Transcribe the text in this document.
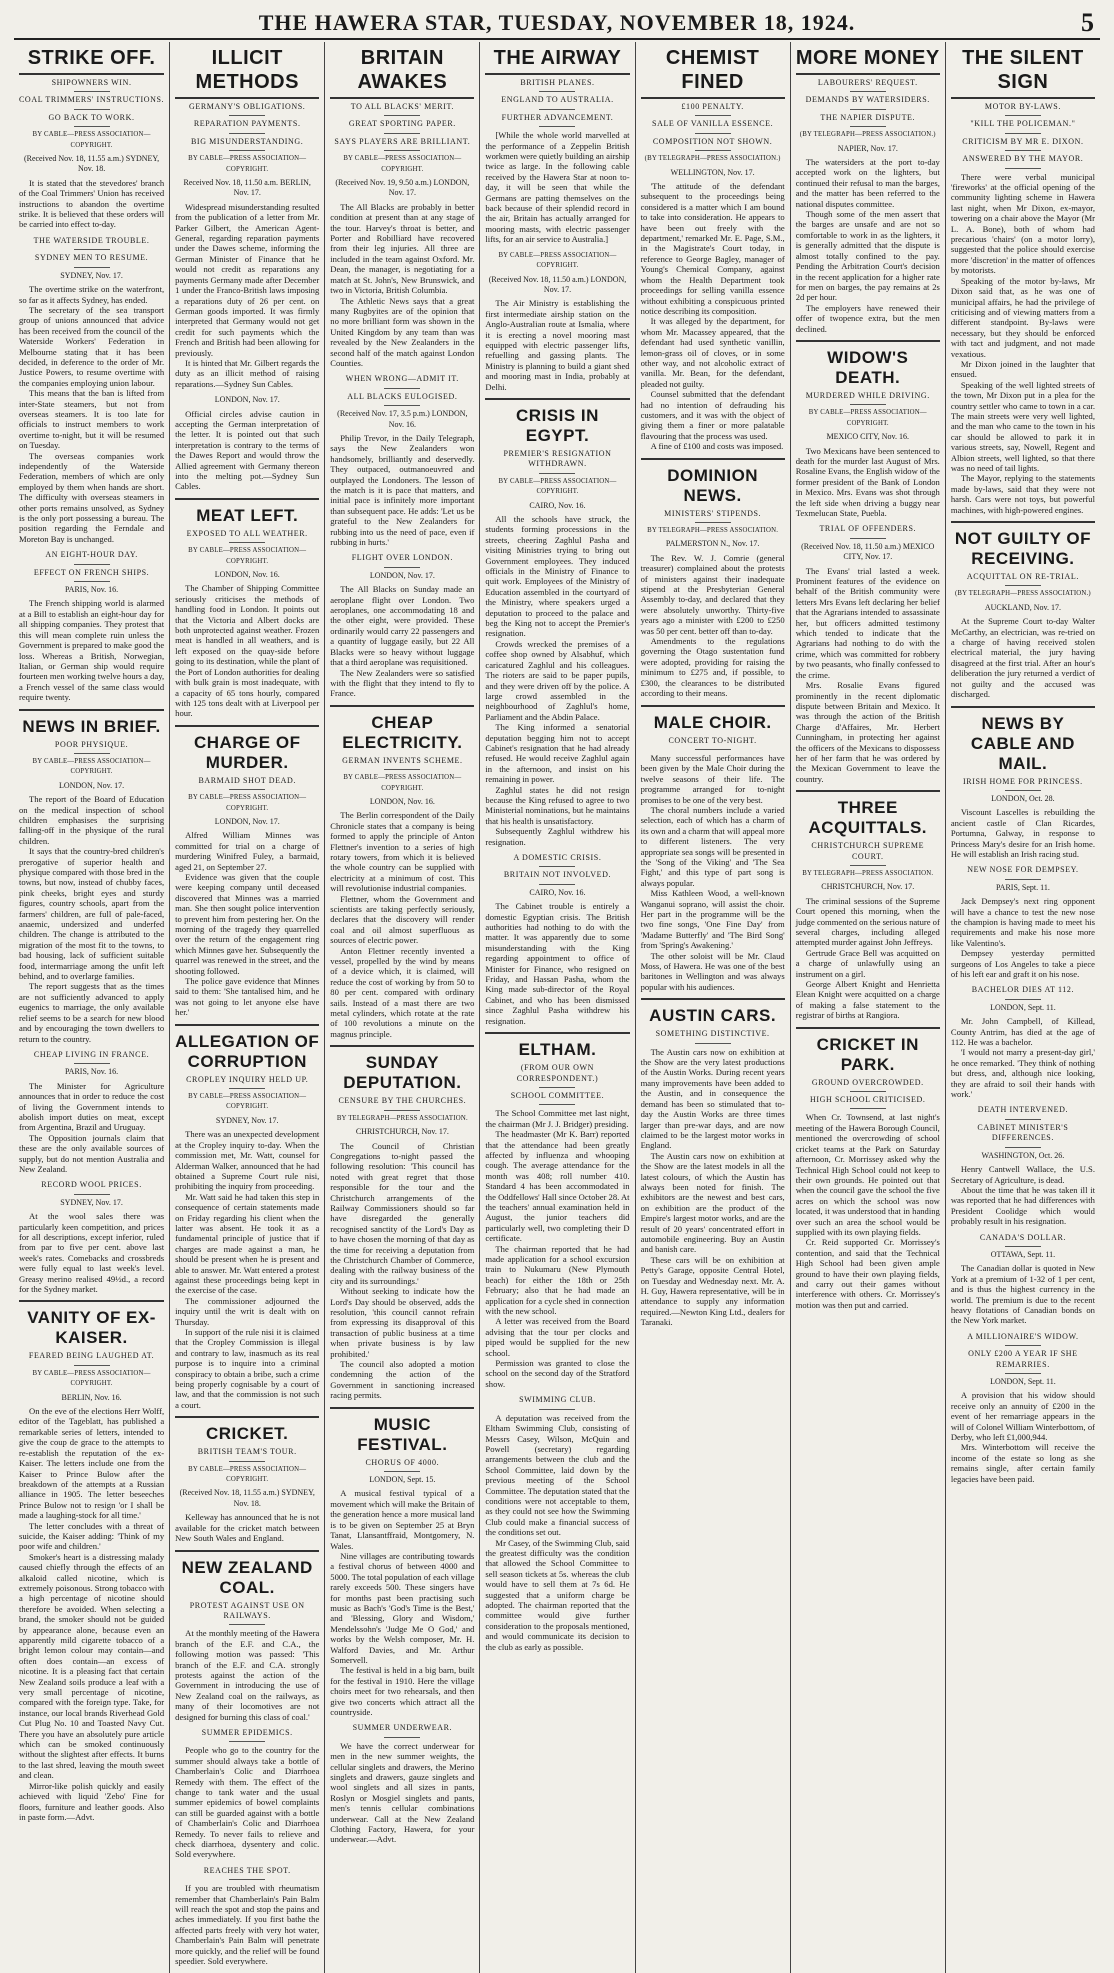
THE HAWERA STAR, TUESDAY, NOVEMBER 18, 1924.	5
STRIKE OFF.
SHIPOWNERS WIN.
COAL TRIMMERS' INSTRUCTIONS.
GO BACK TO WORK.
BY CABLE—PRESS ASSOCIATION—COPYRIGHT.
(Received Nov. 18, 11.55 a.m.) SYDNEY, Nov. 18.

It is stated that the stevedores' branch of the Coal Trimmers' Union has received instructions to abandon the overtime strike. It is believed that these orders will be carried into effect to-day.

THE WATERSIDE TROUBLE.
SYDNEY MEN TO RESUME.
SYDNEY, Nov. 17.

The overtime strike on the waterfront, so far as it affects Sydney, has ended.

The secretary of the sea transport group of unions announced that advice has been received from the council of the Waterside Workers' Federation in Melbourne stating that it has been decided, in deference to the order of Mr. Justice Powers, to resume overtime with the companies employing union labour.

This means that the ban is lifted from inter-State steamers, but not from overseas steamers. It is too late for officials to instruct members to work overtime to-night, but it will be resumed on Tuesday.

The overseas companies work independently of the Waterside Federation, members of which are only employed by them when hands are short. The difficulty with overseas steamers in other ports remains unsolved, as Sydney is the only port possessing a bureau. The position regarding the Ferndale and Moreton Bay is unchanged.

AN EIGHT-HOUR DAY.
EFFECT ON FRENCH SHIPS.
PARIS, Nov. 16.

The French shipping world is alarmed at a Bill to establish an eight-hour day for all shipping companies. They protest that this will mean complete ruin unless the Government is prepared to make good the loss. Whereas a British, Norwegian, Italian, or German ship would require fourteen men working twelve hours a day, a French vessel of the same class would require twenty.

NEWS IN BRIEF.
POOR PHYSIQUE.
BY CABLE—PRESS ASSOCIATION—COPYRIGHT.
LONDON, Nov. 17.

The report of the Board of Education on the medical inspection of school children emphasises the surprising falling-off in the physique of the rural children.

It says that the country-bred children's prerogative of superior health and physique compared with those bred in the towns, but now, instead of chubby faces, pink cheeks, bright eyes and sturdy figures, country schools, apart from the farmers' children, are full of pale-faced, anaemic, undersized and underfed children. The change is attributed to the migration of the most fit to the towns, to bad housing, lack of sufficient suitable food, intermarriage among the unfit left behind, and to overlarge families.

The report suggests that as the times are not sufficiently advanced to apply eugenics to marriage, the only available relief seems to be a search for new blood and by encouraging the town dwellers to return to the country.

CHEAP LIVING IN FRANCE.
PARIS, Nov. 16.

The Minister for Agriculture announces that in order to reduce the cost of living the Government intends to abolish import duties on meat, except from Argentina, Brazil and Uruguay.

The Opposition journals claim that these are the only available sources of supply, but do not mention Australia and New Zealand.

RECORD WOOL PRICES.
SYDNEY, Nov. 17.

At the wool sales there was particularly keen competition, and prices for all descriptions, except inferior, ruled from par to five per cent. above last week's rates. Comebacks and crossbreds were fully equal to last week's level. Greasy merino realised 49½d., a record for the Sydney market.

VANITY OF EX-KAISER.
FEARED BEING LAUGHED AT.
BY CABLE—PRESS ASSOCIATION—COPYRIGHT.
BERLIN, Nov. 16.

On the eve of the elections Herr Wolff, editor of the Tageblatt, has published a remarkable series of letters, intended to give the coup de grace to the attempts to re-establish the reputation of the ex-Kaiser. The letters include one from the Kaiser to Prince Bulow after the breakdown of the attempts at a Russian alliance in 1905. The letter beseeches Prince Bulow not to resign 'or I shall be made a laughing-stock for all time.'

The letter concludes with a threat of suicide, the Kaiser adding: 'Think of my poor wife and children.'

Smoker's heart is a distressing malady caused chiefly through the effects of an alkaloid called nicotine, which is extremely poisonous. Strong tobacco with a high percentage of nicotine should therefore be avoided. When selecting a brand, the smoker should not be guided by appearance alone, because even an apparently mild cigarette tobacco of a bright lemon colour may contain—and often does contain—an excess of nicotine. It is a pleasing fact that certain New Zealand soils produce a leaf with a very small percentage of nicotine, compared with the foreign type. Take, for instance, our local brands Riverhead Gold Cut Plug No. 10 and Toasted Navy Cut. There you have an absolutely pure article which can be smoked continuously without the slightest after effects. It burns to the last shred, leaving the mouth sweet and clean.

Mirror-like polish quickly and easily achieved with liquid 'Zebo' Fine for floors, furniture and leather goods. Also in paste form.—Advt.

ILLICIT METHODS
GERMANY'S OBLIGATIONS.
REPARATION PAYMENTS.
BIG MISUNDERSTANDING.
BY CABLE—PRESS ASSOCIATION—COPYRIGHT.
Received Nov. 18, 11.50 a.m. BERLIN, Nov. 17.

Widespread misunderstanding resulted from the publication of a letter from Mr. Parker Gilbert, the American Agent-General, regarding reparation payments under the Dawes scheme, informing the German Minister of Finance that he would not credit as reparations any payments Germany made after December 1 under the Franco-British laws imposing a reparations duty of 26 per cent. on German goods imported. It was firmly interpreted that Germany would not get credit for such payments which the French and British had been allowing for previously.

It is hinted that Mr. Gilbert regards the duty as an illicit method of raising reparations.—Sydney Sun Cables.

LONDON, Nov. 17.

Official circles advise caution in accepting the German interpretation of the letter. It is pointed out that such interpretation is contrary to the terms of the Dawes Report and would throw the Allied agreement with Germany thereon into the melting pot.—Sydney Sun Cables.

MEAT LEFT.
EXPOSED TO ALL WEATHER.
BY CABLE—PRESS ASSOCIATION—COPYRIGHT.
LONDON, Nov. 16.

The Chamber of Shipping Committee seriously criticises the methods of handling food in London. It points out that the Victoria and Albert docks are both unprotected against weather. Frozen meat is handled in all weathers, and is left exposed on the quay-side before going to its destination, while the plant of the Port of London authorities for dealing with bulk grain is most inadequate, with a capacity of 65 tons hourly, compared with 125 tons dealt with at Liverpool per hour.

CHARGE OF MURDER.
BARMAID SHOT DEAD.
BY CABLE—PRESS ASSOCIATION—COPYRIGHT.
LONDON, Nov. 17.

Alfred William Minnes was committed for trial on a charge of murdering Winifred Fuley, a barmaid, aged 21, on September 27.

Evidence was given that the couple were keeping company until deceased discovered that Minnes was a married man. She then sought police intervention to prevent him from pestering her. On the morning of the tragedy they quarrelled over the return of the engagement ring which Minnes gave her. Subsequently the quarrel was renewed in the street, and the shooting followed.

The police gave evidence that Minnes said to them: 'She tantalised him, and he was not going to let anyone else have her.'

ALLEGATION OF CORRUPTION
CROPLEY INQUIRY HELD UP.
BY CABLE—PRESS ASSOCIATION—COPYRIGHT.
SYDNEY, Nov. 17.

There was an unexpected development at the Cropley inquiry to-day. When the commission met, Mr. Watt, counsel for Alderman Walker, announced that he had obtained a Supreme Court rule nisi, prohibiting the inquiry from proceeding.

Mr. Watt said he had taken this step in consequence of certain statements made on Friday regarding his client when the latter was absent. He took it as a fundamental principle of justice that if charges are made against a man, he should be present when he is present and able to answer. Mr. Watt entered a protest against these proceedings being kept in the exercise of the case.

The commissioner adjourned the inquiry until the writ is dealt with on Thursday.

In support of the rule nisi it is claimed that the Cropley Commission is illegal and contrary to law, inasmuch as its real purpose is to inquire into a criminal conspiracy to obtain a bribe, such a crime being properly cognisable by a court of law, and that the commission is not such a court.

CRICKET.
BRITISH TEAM'S TOUR.
BY CABLE—PRESS ASSOCIATION—COPYRIGHT.
(Received Nov. 18, 11.55 a.m.) SYDNEY, Nov. 18.

Kelleway has announced that he is not available for the cricket match between New South Wales and England.

NEW ZEALAND COAL.
PROTEST AGAINST USE ON RAILWAYS.

At the monthly meeting of the Hawera branch of the E.F. and C.A., the following motion was passed: 'This branch of the E.F. and C.A. strongly protests against the action of the Government in introducing the use of New Zealand coal on the railways, as many of their locomotives are not designed for burning this class of coal.'

SUMMER EPIDEMICS.

People who go to the country for the summer should always take a bottle of Chamberlain's Colic and Diarrhoea Remedy with them. The effect of the change to tank water and the usual summer epidemics of bowel complaints can still be guarded against with a bottle of Chamberlain's Colic and Diarrhoea Remedy. To never fails to relieve and check diarrhoea, dysentery and colic. Sold everywhere.

REACHES THE SPOT.

If you are troubled with rheumatism remember that Chamberlain's Pain Balm will reach the spot and stop the pains and aches immediately. If you first bathe the affected parts freely with very hot water, Chamberlain's Pain Balm will penetrate more quickly, and the relief will be found speedier. Sold everywhere.

BRITAIN AWAKES
TO ALL BLACKS' MERIT.
GREAT SPORTING PAPER.
SAYS PLAYERS ARE BRILLIANT.
BY CABLE—PRESS ASSOCIATION—COPYRIGHT.
(Received Nov. 19, 9.50 a.m.) LONDON, Nov. 17.

The All Blacks are probably in better condition at present than at any stage of the tour. Harvey's throat is better, and Porter and Robilliard have recovered from their leg injuries. All three are included in the team against Oxford. Mr. Dean, the manager, is negotiating for a match at St. John's, New Brunswick, and two in Victoria, British Columbia.

The Athletic News says that a great many Rugbyites are of the opinion that no more brilliant form was shown in the United Kingdom by any team than was revealed by the New Zealanders in the second half of the match against London Counties.

WHEN WRONG—ADMIT IT.
ALL BLACKS EULOGISED.
(Received Nov. 17, 3.5 p.m.) LONDON, Nov. 16.

Philip Trevor, in the Daily Telegraph, says the New Zealanders won handsomely, brilliantly and deservedly. They outpaced, outmanoeuvred and outplayed the Londoners. The lesson of the match is it is pace that matters, and initial pace is infinitely more important than subsequent pace. He adds: 'Let us be grateful to the New Zealanders for rubbing into us the need of pace, even if rubbing in hurts.'

FLIGHT OVER LONDON.
LONDON, Nov. 17.

The All Blacks on Sunday made an aeroplane flight over London. Two aeroplanes, one accommodating 18 and the other eight, were provided. These ordinarily would carry 22 passengers and a quantity of luggage easily, but 22 All Blacks were so heavy without luggage that a third aeroplane was requisitioned.

The New Zealanders were so satisfied with the flight that they intend to fly to France.

CHEAP ELECTRICITY.
GERMAN INVENTS SCHEME.
BY CABLE—PRESS ASSOCIATION—COPYRIGHT.
LONDON, Nov. 16.

The Berlin correspondent of the Daily Chronicle states that a company is being formed to apply the principle of Anton Flettner's invention to a series of high rotary towers, from which it is believed the whole country can be supplied with electricity at a minimum of cost. This will revolutionise industrial companies.

Flettner, whom the Government and scientists are taking perfectly seriously, declares that the discovery will render coal and oil almost superfluous as sources of electric power.

Anton Flettner recently invented a vessel, propelled by the wind by means of a device which, it is claimed, will reduce the cost of working by from 50 to 80 per cent. compared with ordinary sails. Instead of a mast there are two metal cylinders, which rotate at the rate of 100 revolutions a minute on the magnus principle.

SUNDAY DEPUTATION.
CENSURE BY THE CHURCHES.
BY TELEGRAPH—PRESS ASSOCIATION.
CHRISTCHURCH, Nov. 17.

The Council of Christian Congregations to-night passed the following resolution: 'This council has noted with great regret that those responsible for the tour and the Christchurch arrangements of the Railway Commissioners should so far have disregarded the generally recognised sanctity of the Lord's Day as to have chosen the morning of that day as the time for receiving a deputation from the Christchurch Chamber of Commerce, dealing with the railway business of the city and its surroundings.'

Without seeking to indicate how the Lord's Day should be observed, adds the resolution, 'this council cannot refrain from expressing its disapproval of this transaction of public business at a time when private business is by law prohibited.'

The council also adopted a motion condemning the action of the Government in sanctioning increased racing permits.

MUSIC FESTIVAL.
CHORUS OF 4000.
LONDON, Sept. 15.

A musical festival typical of a movement which will make the Britain of the generation hence a more musical land is to be given on September 25 at Bryn Tanat, Llansantffraid, Montgomery, N. Wales.

Nine villages are contributing towards a festival chorus of between 4000 and 5000. The total population of each village rarely exceeds 500. These singers have for months past been practising such music as Bach's 'God's Time is the Best,' and 'Blessing, Glory and Wisdom,' Mendelssohn's 'Judge Me O God,' and works by the Welsh composer, Mr. H. Walford Davies, and Mr. Arthur Somervell.

The festival is held in a big barn, built for the festival in 1910. Here the village choirs meet for two rehearsals, and then give two concerts which attract all the countryside.

SUMMER UNDERWEAR.

We have the correct underwear for men in the new summer weights, the cellular singlets and drawers, the Merino singlets and drawers, gauze singlets and wool singlets and all sizes in pants, Roslyn or Mosgiel singlets and pants, men's tennis cellular combinations underwear. Call at the New Zealand Clothing Factory, Hawera, for your underwear.—Advt.

THE AIRWAY
BRITISH PLANES.
ENGLAND TO AUSTRALIA.
FURTHER ADVANCEMENT.

[While the whole world marvelled at the performance of a Zeppelin British workmen were quietly building an airship twice as large. In the following cable received by the Hawera Star at noon to-day, it will be seen that while the Germans are patting themselves on the back because of their splendid record in the air, Britain has actually arranged for mooring masts, with electric passenger lifts, for an air service to Australia.]

BY CABLE—PRESS ASSOCIATION—COPYRIGHT.
(Received Nov. 18, 11.50 a.m.) LONDON, Nov. 17.

The Air Ministry is establishing the first intermediate airship station on the Anglo-Australian route at Ismalia, where it is erecting a novel mooring mast equipped with electric passenger lifts, refuelling and gassing plants. The Ministry is planning to build a giant shed and mooring mast in India, probably at Delhi.

CRISIS IN EGYPT.
PREMIER'S RESIGNATION WITHDRAWN.
BY CABLE—PRESS ASSOCIATION—COPYRIGHT.
CAIRO, Nov. 16.

All the schools have struck, the students forming processions in the streets, cheering Zaghlul Pasha and visiting Ministries trying to bring out Government employees. They induced officials in the Ministry of Finance to quit work. Employees of the Ministry of Education assembled in the courtyard of the Ministry, where speakers urged a deputation to proceed to the palace and beg the King not to accept the Premier's resignation.

Crowds wrecked the premises of a coffee shop owned by Alsabhuf, which caricatured Zaghlul and his colleagues. The rioters are said to be paper pupils, and they were driven off by the police. A large crowd assembled in the neighbourhood of Zaghlul's home, Parliament and the Abdin Palace.

The King informed a senatorial deputation begging him not to accept Cabinet's resignation that he had already refused. He would receive Zaghlul again in the afternoon, and insist on his remaining in power.

Zaghlul states he did not resign because the King refused to agree to two Ministerial nominations, but he maintains that his health is unsatisfactory.

Subsequently Zaghlul withdrew his resignation.

A DOMESTIC CRISIS.
BRITAIN NOT INVOLVED.
CAIRO, Nov. 16.

The Cabinet trouble is entirely a domestic Egyptian crisis. The British authorities had nothing to do with the matter. It was apparently due to some misunderstanding with the King regarding appointment to office of Minister for Finance, who resigned on Friday, and Hassan Pasha, whom the King made sub-director of the Royal Cabinet, and who has been dismissed since Zaghlul Pasha withdrew his resignation.

ELTHAM.
(FROM OUR OWN CORRESPONDENT.)
SCHOOL COMMITTEE.

The School Committee met last night, the chairman (Mr J. J. Bridger) presiding.

The headmaster (Mr K. Barr) reported that the attendance had been greatly affected by influenza and whooping cough. The average attendance for the month was 408; roll number 410. Standard 4 has been accommodated in the Oddfellows' Hall since October 28. At the teachers' annual examination held in August, the junior teachers did particularly well, two completing their D certificate.

The chairman reported that he had made application for a school excursion train to Nukumaru (New Plymouth beach) for either the 18th or 25th February; also that he had made an application for a cycle shed in connection with the new school.

A letter was received from the Board advising that the tour per clocks and piped would be supplied for the new school.

Permission was granted to close the school on the second day of the Stratford show.

SWIMMING CLUB.

A deputation was received from the Eltham Swimming Club, consisting of Messrs Casey, Wilson, McQuin and Powell (secretary) regarding arrangements between the club and the School Committee, laid down by the previous meeting of the School Committee. The deputation stated that the conditions were not acceptable to them, as they could not see how the Swimming Club could make a financial success of the conditions set out.

Mr Casey, of the Swimming Club, said the greatest difficulty was the condition that allowed the School Committee to sell season tickets at 5s. whereas the club would have to sell them at 7s 6d. He suggested that a uniform charge be adopted. The chairman reported that the committee would give further consideration to the proposals mentioned, and would communicate its decision to the club as early as possible.

CHEMIST FINED
£100 PENALTY.
SALE OF VANILLA ESSENCE.
COMPOSITION NOT SHOWN.
(BY TELEGRAPH—PRESS ASSOCIATION.)
WELLINGTON, Nov. 17.

'The attitude of the defendant subsequent to the proceedings being considered is a matter which I am bound to take into consideration. He appears to have been out freely with the department,' remarked Mr. E. Page, S.M., in the Magistrate's Court today, in reference to George Bagley, manager of Young's Chemical Company, against whom the Health Department took proceedings for selling vanilla essence without exhibiting a conspicuous printed notice describing its composition.

It was alleged by the department, for whom Mr. Macassey appeared, that the defendant had used synthetic vanillin, lemon-grass oil of cloves, or in some other way, and not alcoholic extract of vanilla. Mr. Bean, for the defendant, pleaded not guilty.

Counsel submitted that the defendant had no intention of defrauding his customers, and it was with the object of giving them a finer or more palatable flavouring that the process was used.

A fine of £100 and costs was imposed.

DOMINION NEWS.
MINISTERS' STIPENDS.
BY TELEGRAPH—PRESS ASSOCIATION.
PALMERSTON N., Nov. 17.

The Rev. W. J. Comrie (general treasurer) complained about the protests of ministers against their inadequate stipend at the Presbyterian General Assembly to-day, and declared that they were absolutely unworthy. Thirty-five years ago a minister with £200 to £250 was 50 per cent. better off than to-day.

Amendments to the regulations governing the Otago sustentation fund were adopted, providing for raising the minimum to £275 and, if possible, to £300, the clearances to be distributed according to their means.

MALE CHOIR.
CONCERT TO-NIGHT.

Many successful performances have been given by the Male Choir during the twelve seasons of their life. The programme arranged for to-night promises to be one of the very best.

The choral numbers include a varied selection, each of which has a charm of its own and a charm that will appeal more to different listeners. The very appropriate sea songs will be presented in the 'Song of the Viking' and 'The Sea Fight,' and this type of part song is always popular.

Miss Kathleen Wood, a well-known Wanganui soprano, will assist the choir. Her part in the programme will be the two fine songs, 'One Fine Day' from 'Madame Butterfly' and 'The Bird Song' from 'Spring's Awakening.'

The other soloist will be Mr. Claud Moss, of Hawera. He was one of the best baritones in Wellington and was always popular with his audiences.

AUSTIN CARS.
SOMETHING DISTINCTIVE.

The Austin cars now on exhibition at the Show are the very latest productions of the Austin Works. During recent years many improvements have been added to the Austin, and in consequence the demand has been so stimulated that to-day the Austin Works are three times larger than pre-war days, and are now claimed to be the largest motor works in England.

The Austin cars now on exhibition at the Show are the latest models in all the latest colours, of which the Austin has always been noted for finish. The exhibitors are the newest and best cars, on exhibition are the product of the Empire's largest motor works, and are the result of 20 years' concentrated effort in automobile engineering. Buy an Austin and banish care.

These cars will be on exhibition at Petty's Garage, opposite Central Hotel, on Tuesday and Wednesday next. Mr. A. H. Guy, Hawera representative, will be in attendance to supply any information required.—Newton King Ltd., dealers for Taranaki.

MORE MONEY
LABOURERS' REQUEST.
DEMANDS BY WATERSIDERS.
THE NAPIER DISPUTE.
(BY TELEGRAPH—PRESS ASSOCIATION.)
NAPIER, Nov. 17.

The watersiders at the port to-day accepted work on the lighters, but continued their refusal to man the barges, and the matter has been referred to the national disputes committee.

Though some of the men assert that the barges are unsafe and are not so comfortable to work in as the lighters, it is generally admitted that the dispute is almost totally confined to the pay. Pending the Arbitration Court's decision in the recent application for a higher rate for men on barges, the pay remains at 2s 2d per hour.

The employers have renewed their offer of twopence extra, but the men declined.

WIDOW'S DEATH.
MURDERED WHILE DRIVING.
BY CABLE—PRESS ASSOCIATION—COPYRIGHT.
MEXICO CITY, Nov. 16.

Two Mexicans have been sentenced to death for the murder last August of Mrs. Rosaline Evans, the English widow of the former president of the Bank of London in Mexico. Mrs. Evans was shot through the left side when driving a buggy near Texmelucan State, Puebla.

TRIAL OF OFFENDERS.
(Received Nov. 18, 11.50 a.m.) MEXICO CITY, Nov. 17.

The Evans' trial lasted a week. Prominent features of the evidence on behalf of the British community were letters Mrs Evans left declaring her belief that the Agrarians intended to assassinate her, but officers admitted testimony which tended to indicate that the Agrarians had nothing to do with the crime, which was committed for robbery by two peasants, who finally confessed to the crime.

Mrs. Rosalie Evans figured prominently in the recent diplomatic dispute between Britain and Mexico. It was through the action of the British Charge d'Affaires, Mr. Herbert Cunningham, in protecting her against the officers of the Mexicans to dispossess her of her farm that he was ordered by the Mexican Government to leave the country.

THREE ACQUITTALS.
CHRISTCHURCH SUPREME COURT.
BY TELEGRAPH—PRESS ASSOCIATION.
CHRISTCHURCH, Nov. 17.

The criminal sessions of the Supreme Court opened this morning, when the judge commented on the serious nature of several charges, including alleged attempted murder against John Jeffreys.

Gertrude Grace Bell was acquitted on a charge of unlawfully using an instrument on a girl.

George Albert Knight and Henrietta Elean Knight were acquitted on a charge of making a false statement to the registrar of births at Rangiora.

CRICKET IN PARK.
GROUND OVERCROWDED.
HIGH SCHOOL CRITICISED.

When Cr. Townsend, at last night's meeting of the Hawera Borough Council, mentioned the overcrowding of school cricket teams at the Park on Saturday afternoon, Cr. Morrissey asked why the Technical High School could not keep to their own grounds. He pointed out that when the council gave the school the five acres on which the school was now located, it was understood that in handing over such an area the school would be supplied with its own playing fields.

Cr. Reid supported Cr. Morrissey's contention, and said that the Technical High School had been given ample ground to have their own playing fields, and carry out their games without interference with others. Cr. Morrissey's motion was then put and carried.

THE SILENT SIGN
MOTOR BY-LAWS.
"KILL THE POLICEMAN."
CRITICISM BY MR E. DIXON.
ANSWERED BY THE MAYOR.

There were verbal municipal 'fireworks' at the official opening of the community lighting scheme in Hawera last night, when Mr Dixon, ex-mayor, towering on a chair above the Mayor (Mr L. A. Bone), both of whom had precarious 'chairs' (on a motor lorry), suggested that the police should exercise more 'discretion' in the matter of offences by motorists.

Speaking of the motor by-laws, Mr Dixon said that, as he was one of municipal affairs, he had the privilege of criticising and of viewing matters from a different standpoint. By-laws were necessary, but they should be enforced with tact and judgment, and not made vexatious.

Mr Dixon joined in the laughter that ensued.

Speaking of the well lighted streets of the town, Mr Dixon put in a plea for the country settler who came to town in a car. The main streets were very well lighted, and the man who came to the town in his car should be allowed to park it in various streets, say, Nowell, Regent and Albion streets, well lighted, so that there was no need of tail lights.

The Mayor, replying to the statements made by-laws, said that they were not harsh. Cars were not toys, but powerful machines, with high-powered engines.

NOT GUILTY OF RECEIVING.
ACQUITTAL ON RE-TRIAL.
(BY TELEGRAPH—PRESS ASSOCIATION.)
AUCKLAND, Nov. 17.

At the Supreme Court to-day Walter McCarthy, an electrician, was re-tried on a charge of having received stolen electrical material, the jury having disagreed at the first trial. After an hour's deliberation the jury returned a verdict of not guilty and the accused was discharged.

NEWS BY CABLE AND MAIL.
IRISH HOME FOR PRINCESS.
LONDON, Oct. 28.

Viscount Lascelles is rebuilding the ancient castle of Clan Ricardes, Portumna, Galway, in response to Princess Mary's desire for an Irish home. He will establish an Irish racing stud.

NEW NOSE FOR DEMPSEY.
PARIS, Sept. 11.

Jack Dempsey's next ring opponent will have a chance to test the new nose the champion is having made to meet his requirements and make his nose more like Valentino's.

Dempsey yesterday permitted surgeons of Los Angeles to take a piece of his left ear and graft it on his nose.

BACHELOR DIES AT 112.
LONDON, Sept. 11.

Mr. John Campbell, of Killead, County Antrim, has died at the age of 112. He was a bachelor.

'I would not marry a present-day girl,' he once remarked. 'They think of nothing but dress, and, although nice looking, they are afraid to soil their hands with work.'

DEATH INTERVENED.
CABINET MINISTER'S DIFFERENCES.
WASHINGTON, Oct. 26.

Henry Cantwell Wallace, the U.S. Secretary of Agriculture, is dead.

About the time that he was taken ill it was reported that he had differences with President Coolidge which would probably result in his resignation.

CANADA'S DOLLAR.
OTTAWA, Sept. 11.

The Canadian dollar is quoted in New York at a premium of 1-32 of 1 per cent, and is thus the highest currency in the world. The premium is due to the recent heavy flotations of Canadian bonds on the New York market.

A MILLIONAIRE'S WIDOW.
ONLY £200 A YEAR IF SHE REMARRIES.
LONDON, Sept. 11.

A provision that his widow should receive only an annuity of £200 in the event of her remarriage appears in the will of Colonel William Winterbottom, of Derby, who left £1,000,944.

Mrs. Winterbottom will receive the income of the estate so long as she remains single, after certain family legacies have been paid.
